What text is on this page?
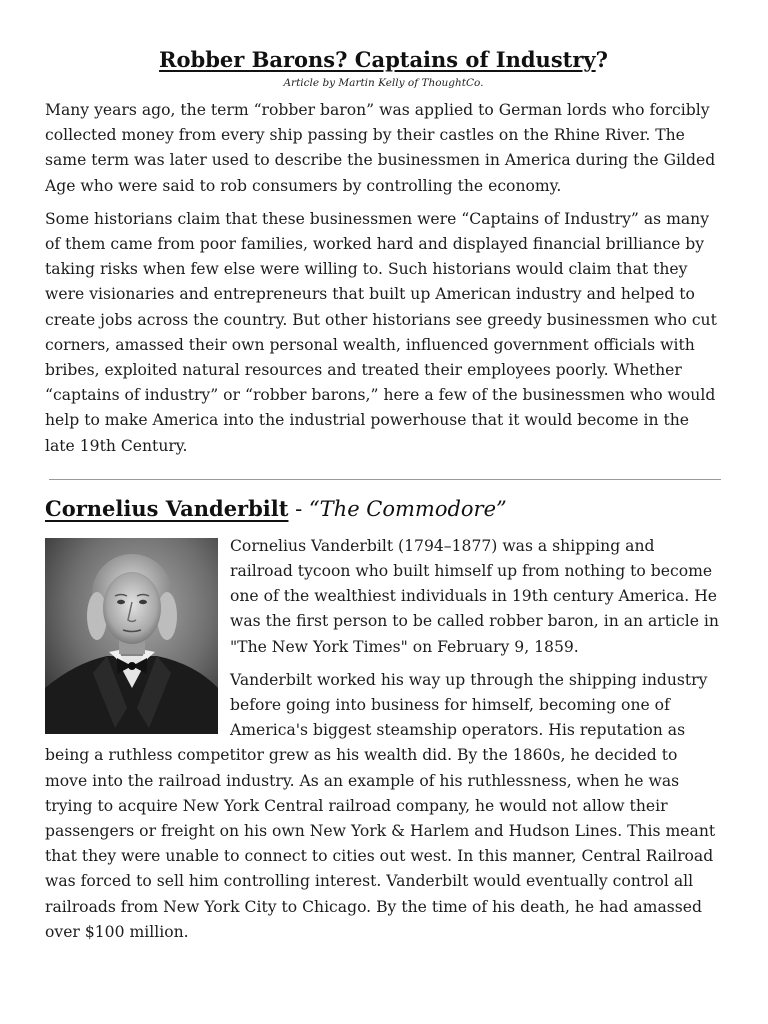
Robber Barons? Captains of Industry?
Article by Martin Kelly of ThoughtCo.

Many years ago, the term “robber baron” was applied to German lords who forcibly collected money from every ship passing by their castles on the Rhine River. The same term was later used to describe the businessmen in America during the Gilded Age who were said to rob consumers by controlling the economy.

Some historians claim that these businessmen were “Captains of Industry” as many of them came from poor families, worked hard and displayed financial brilliance by taking risks when few else were willing to. Such historians would claim that they were visionaries and entrepreneurs that built up American industry and helped to create jobs across the country. But other historians see greedy businessmen who cut corners, amassed their own personal wealth, influenced government officials with bribes, exploited natural resources and treated their employees poorly. Whether “captains of industry” or “robber barons,” here a few of the businessmen who would help to make America into the industrial powerhouse that it would become in the late 19th Century.

Cornelius Vanderbilt - “The Commodore”

Cornelius Vanderbilt (1794–1877) was a shipping and railroad tycoon who built himself up from nothing to become one of the wealthiest individuals in 19th century America. He was the first person to be called robber baron, in an article in "The New York Times" on February 9, 1859.

Vanderbilt worked his way up through the shipping industry before going into business for himself, becoming one of America's biggest steamship operators. His reputation as being a ruthless competitor grew as his wealth did. By the 1860s, he decided to move into the railroad industry. As an example of his ruthlessness, when he was trying to acquire New York Central railroad company, he would not allow their passengers or freight on his own New York & Harlem and Hudson Lines. This meant that they were unable to connect to cities out west. In this manner, Central Railroad was forced to sell him controlling interest. Vanderbilt would eventually control all railroads from New York City to Chicago. By the time of his death, he had amassed over $100 million.
